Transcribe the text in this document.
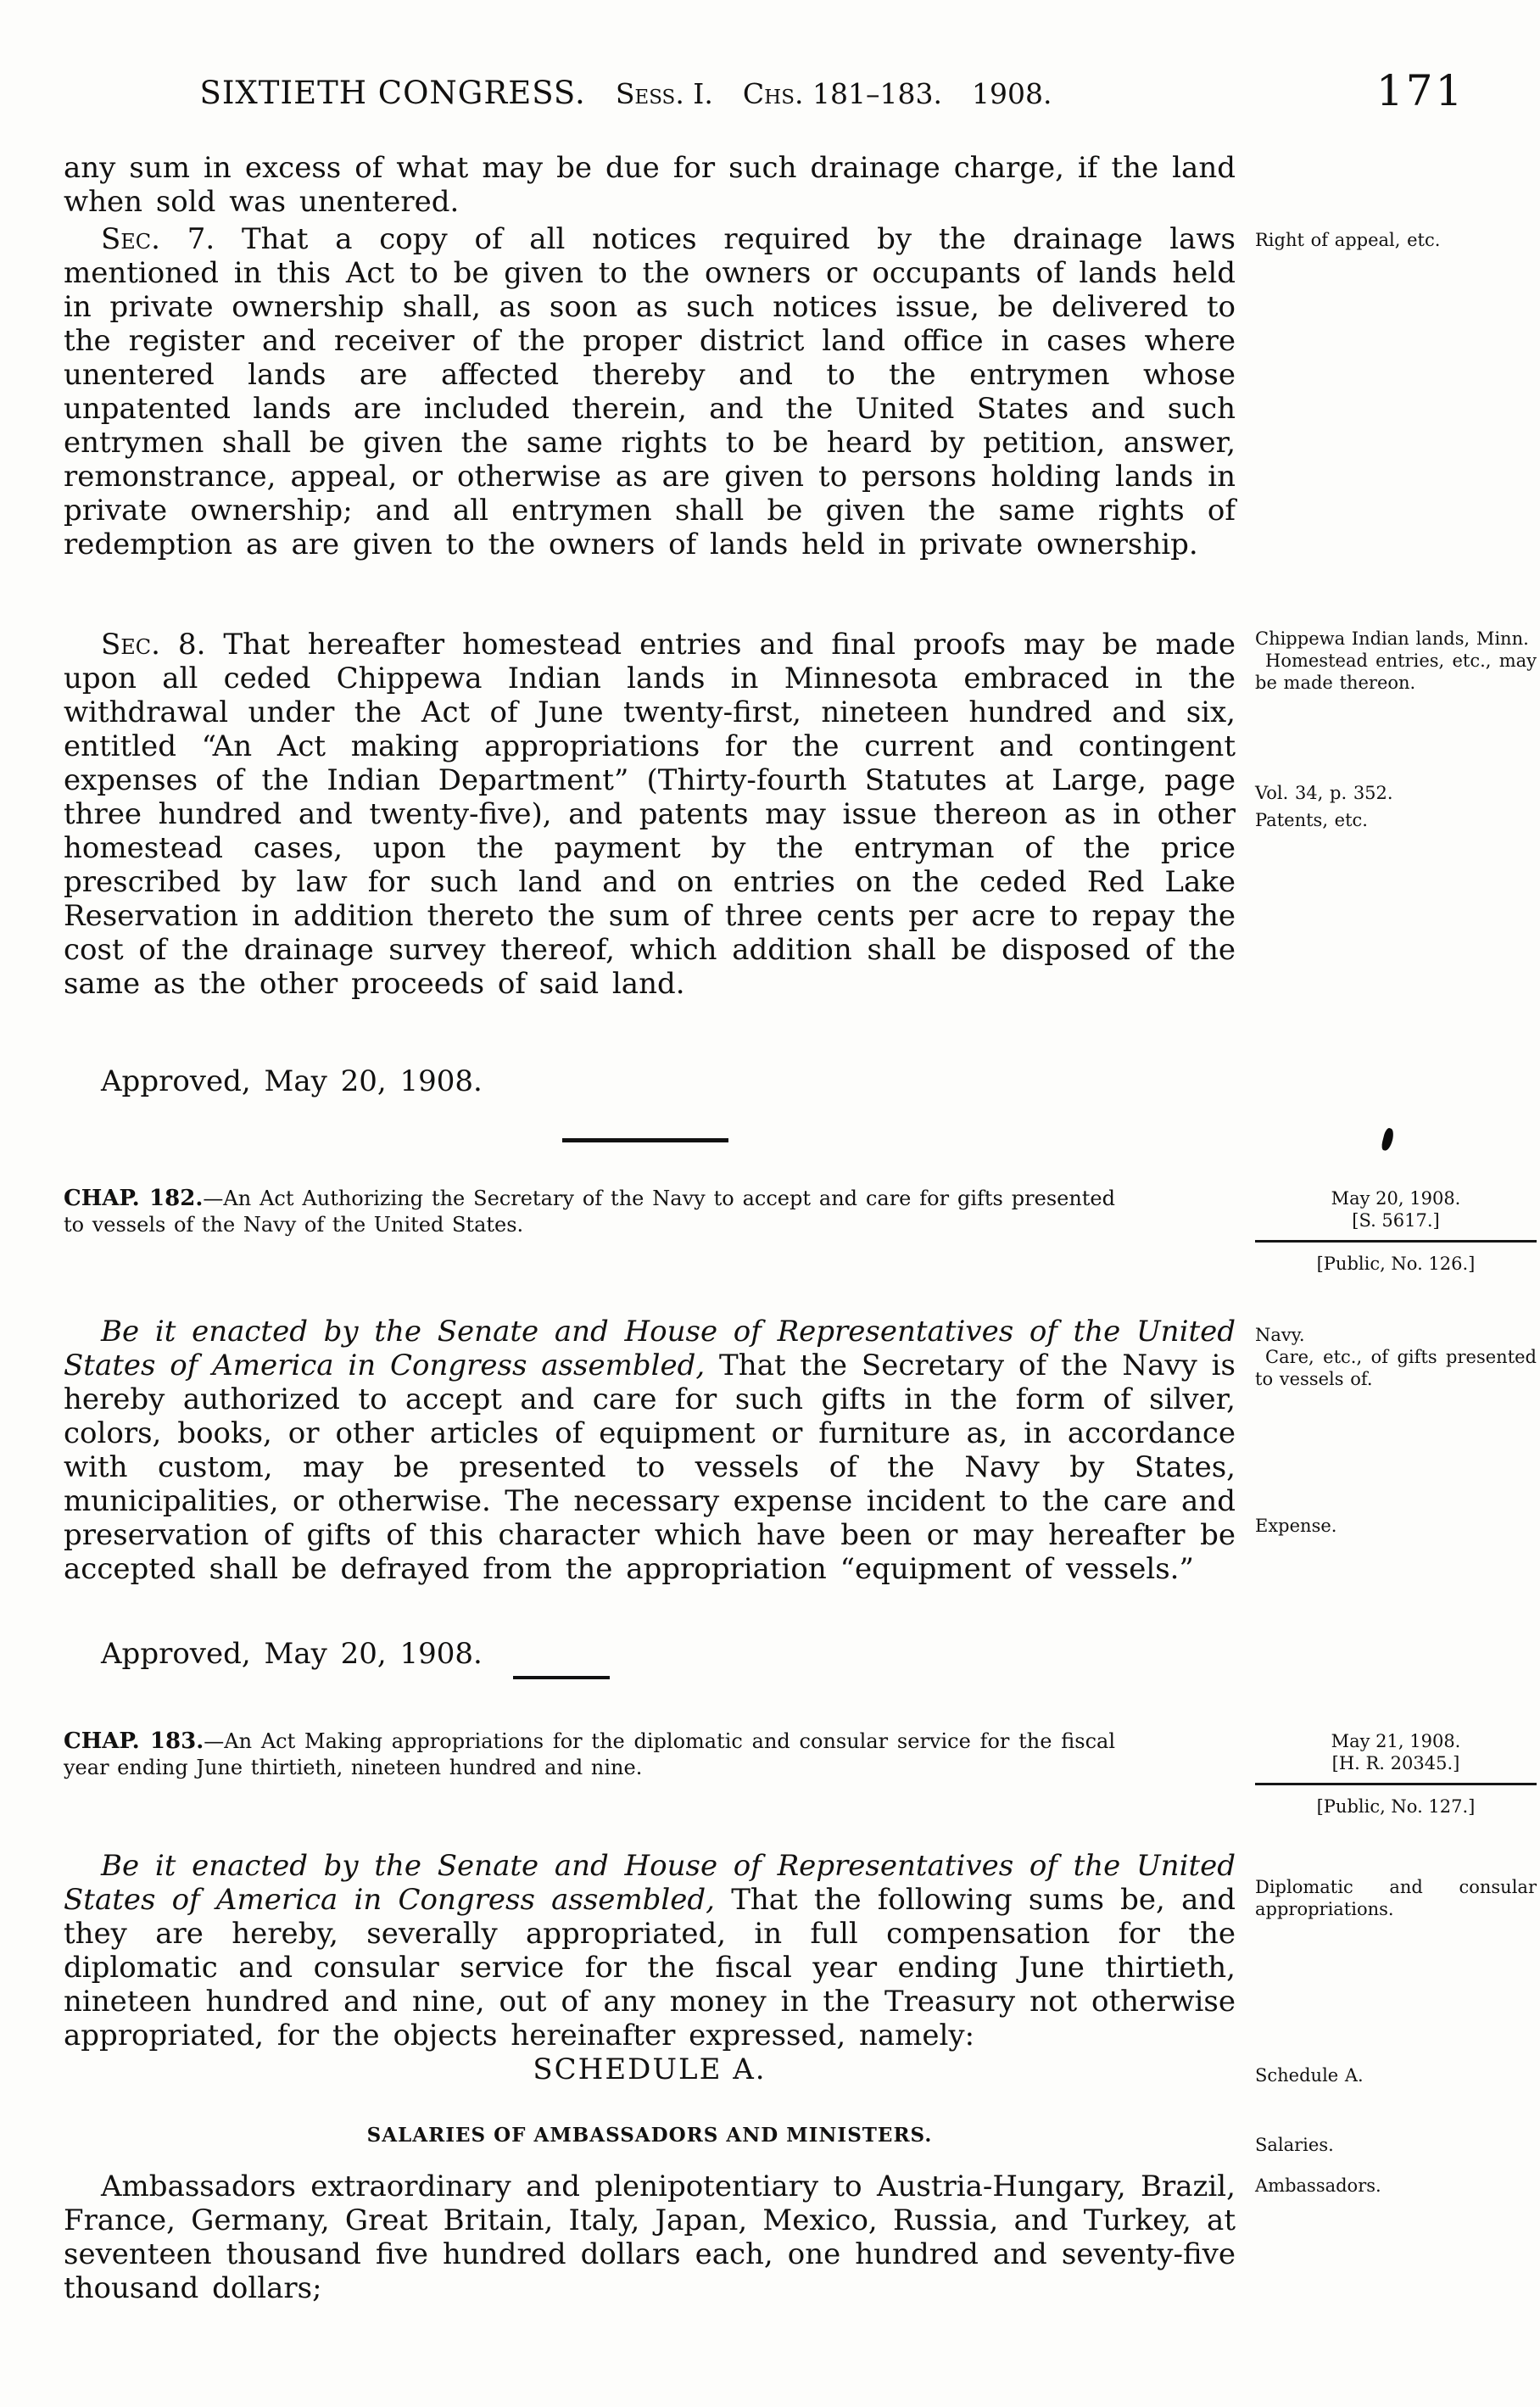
SIXTIETH CONGRESS. Sess. I. Chs. 181–183. 1908.	171

any sum in excess of what may be due for such drainage charge, if the land when sold was unentered.

Sec. 7. That a copy of all notices required by the drainage laws mentioned in this Act to be given to the owners or occupants of lands held in private ownership shall, as soon as such notices issue, be delivered to the register and receiver of the proper district land office in cases where unentered lands are affected thereby and to the entrymen whose unpatented lands are included therein, and the United States and such entrymen shall be given the same rights to be heard by petition, answer, remonstrance, appeal, or otherwise as are given to persons holding lands in private ownership; and all entrymen shall be given the same rights of redemption as are given to the owners of lands held in private ownership.

Right of appeal, etc.

Sec. 8. That hereafter homestead entries and final proofs may be made upon all ceded Chippewa Indian lands in Minnesota embraced in the withdrawal under the Act of June twenty-first, nineteen hundred and six, entitled “An Act making appropriations for the current and contingent expenses of the Indian Department” (Thirty-fourth Statutes at Large, page three hundred and twenty-five), and patents may issue thereon as in other homestead cases, upon the payment by the entryman of the price prescribed by law for such land and on entries on the ceded Red Lake Reservation in addition thereto the sum of three cents per acre to repay the cost of the drainage survey thereof, which addition shall be disposed of the same as the other proceeds of said land.

Chippewa Indian lands, Minn.
Homestead entries, etc., may be made thereon.
Vol. 34, p. 352.
Patents, etc.

Approved, May 20, 1908.

CHAP. 182.—An Act Authorizing the Secretary of the Navy to accept and care for gifts presented to vessels of the Navy of the United States.

Be it enacted by the Senate and House of Representatives of the United States of America in Congress assembled, That the Secretary of the Navy is hereby authorized to accept and care for such gifts in the form of silver, colors, books, or other articles of equipment or furniture as, in accordance with custom, may be presented to vessels of the Navy by States, municipalities, or otherwise. The necessary expense incident to the care and preservation of gifts of this character which have been or may hereafter be accepted shall be defrayed from the appropriation “equipment of vessels.”

Approved, May 20, 1908.

May 20, 1908.
[S. 5617.]
[Public, No. 126.]
Navy.
Care, etc., of gifts presented to vessels of.
Expense.

CHAP. 183.—An Act Making appropriations for the diplomatic and consular service for the fiscal year ending June thirtieth, nineteen hundred and nine.

Be it enacted by the Senate and House of Representatives of the United States of America in Congress assembled, That the following sums be, and they are hereby, severally appropriated, in full compensation for the diplomatic and consular service for the fiscal year ending June thirtieth, nineteen hundred and nine, out of any money in the Treasury not otherwise appropriated, for the objects hereinafter expressed, namely:

May 21, 1908.
[H. R. 20345.]
[Public, No. 127.]
Diplomatic and consular appropriations.
SCHEDULE A.	Schedule A.
SALARIES OF AMBASSADORS AND MINISTERS.	Salaries.

Ambassadors extraordinary and plenipotentiary to Austria-Hungary, Brazil, France, Germany, Great Britain, Italy, Japan, Mexico, Russia, and Turkey, at seventeen thousand five hundred dollars each, one hundred and seventy-five thousand dollars;

Ambassadors.
